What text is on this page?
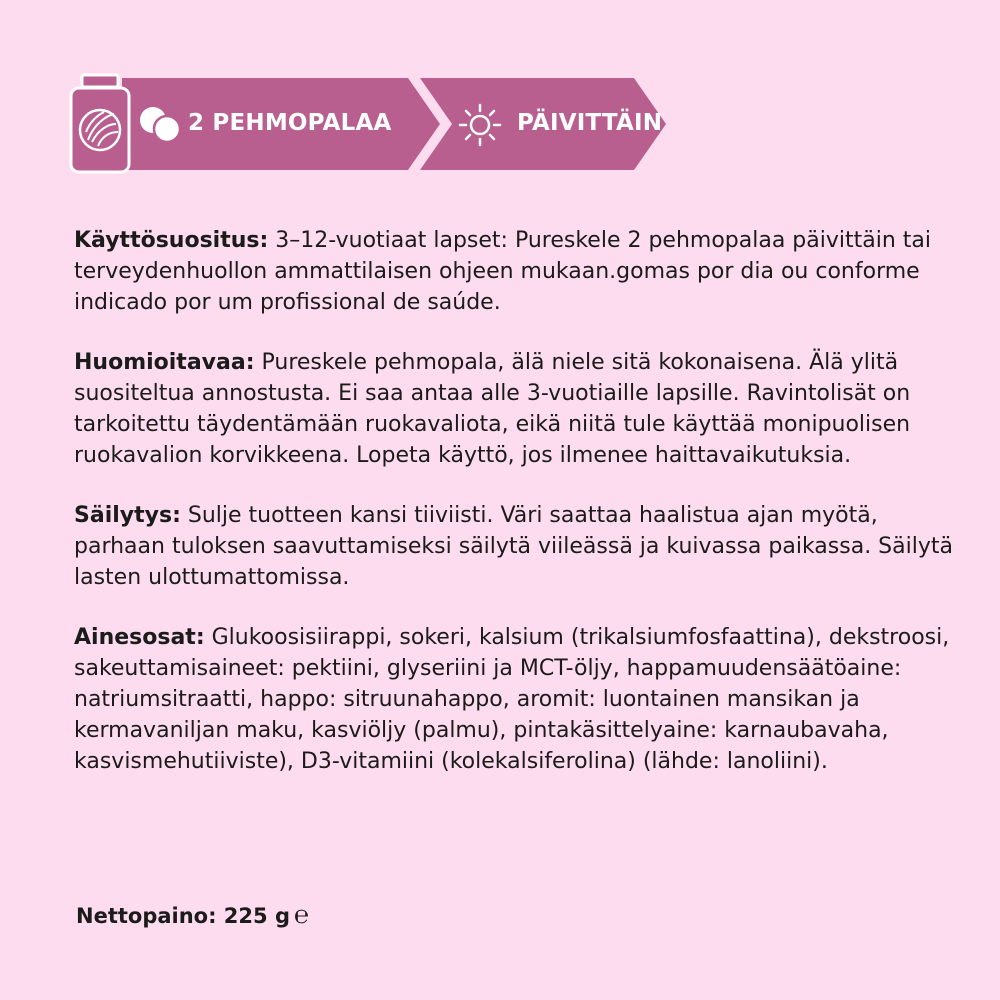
2 PEHMOPALAA	PÄIVITTÄIN

Käyttösuositus: 3–12-vuotiaat lapset: Pureskele 2 pehmopalaa päivittäin tai terveydenhuollon ammattilaisen ohjeen mukaan.gomas por dia ou conforme indicado por um profissional de saúde.

Huomioitavaa: Pureskele pehmopala, älä niele sitä kokonaisena. Älä ylitä suositeltua annostusta. Ei saa antaa alle 3-vuotiaille lapsille. Ravintolisät on tarkoitettu täydentämään ruokavaliota, eikä niitä tule käyttää monipuolisen ruokavalion korvikkeena. Lopeta käyttö, jos ilmenee haittavaikutuksia.

Säilytys: Sulje tuotteen kansi tiiviisti. Väri saattaa haalistua ajan myötä, parhaan tuloksen saavuttamiseksi säilytä viileässä ja kuivassa paikassa. Säilytä lasten ulottumattomissa.

Ainesosat: Glukoosisiirappi, sokeri, kalsium (trikalsiumfosfaattina), dekstroosi, sakeuttamisaineet: pektiini, glyseriini ja MCT-öljy, happamuudensäätöaine: natriumsitraatti, happo: sitruunahappo, aromit: luontainen mansikan ja kermavaniljan maku, kasviöljy (palmu), pintakäsittelyaine: karnaubavaha, kasvismehutiiviste), D3-vitamiini (kolekalsiferolina) (lähde: lanoliini).

Nettopaino: 225 g ℮
